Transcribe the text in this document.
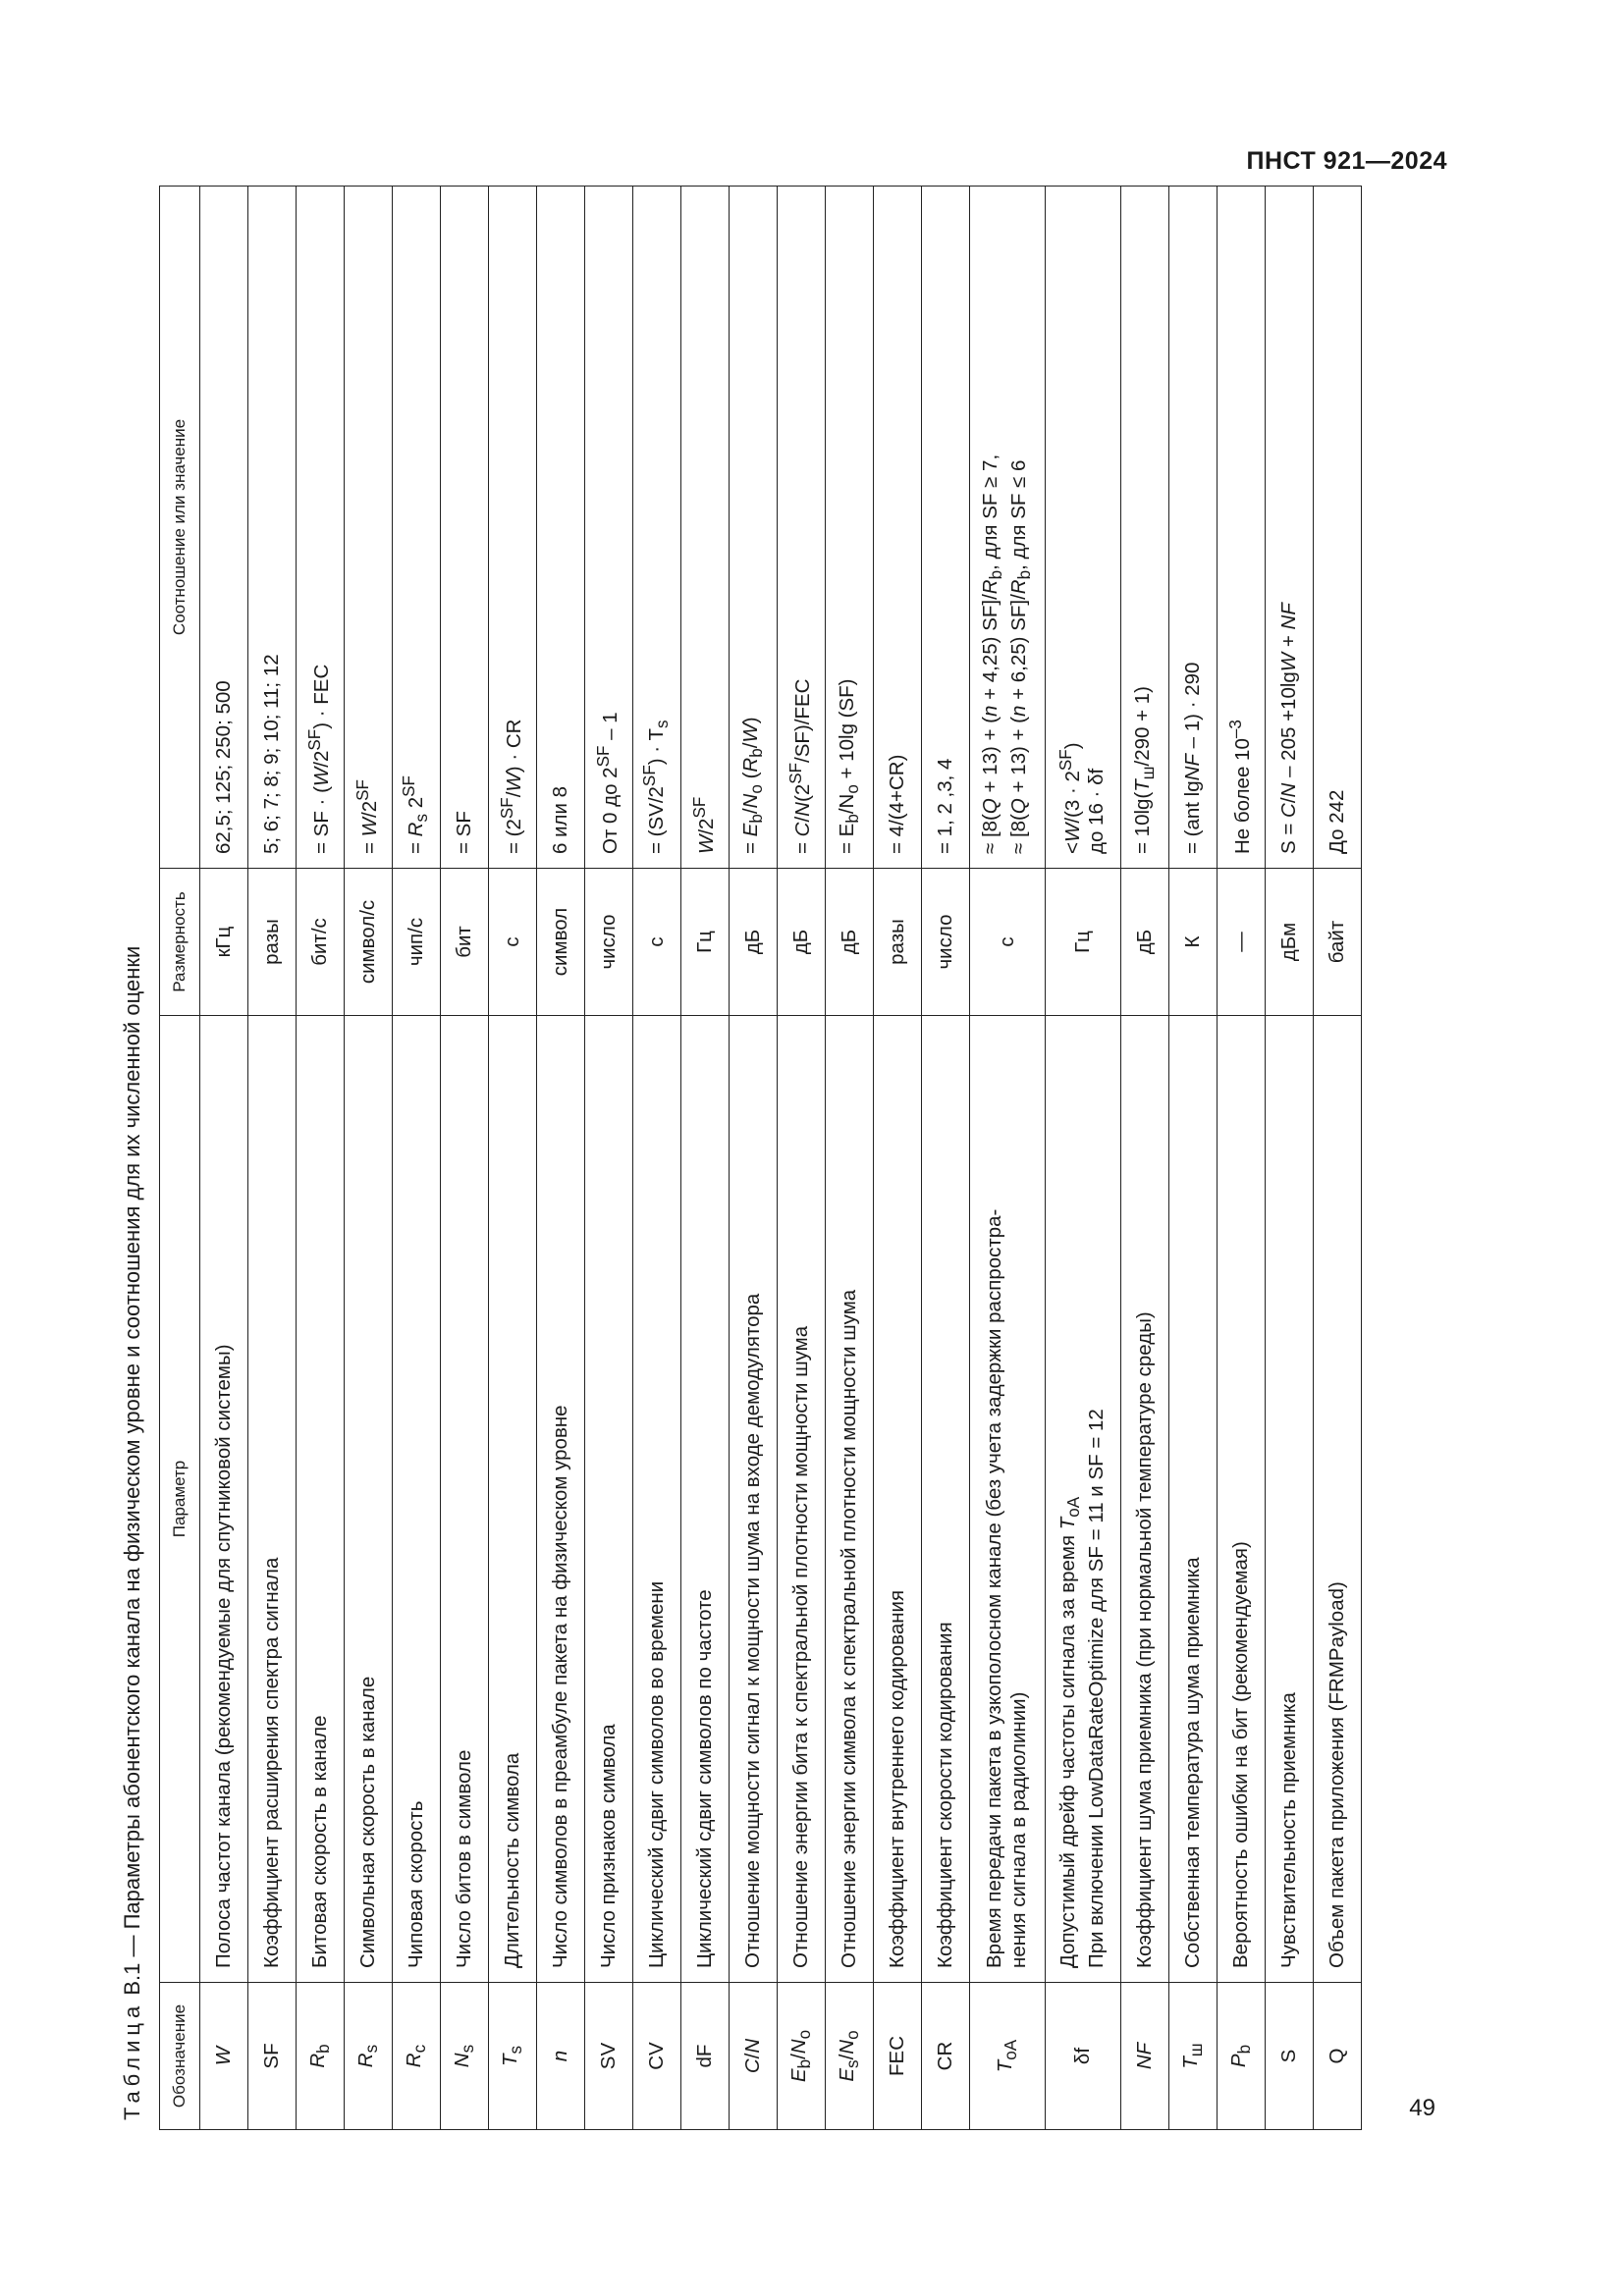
ПНСТ 921—2024
Таблица В.1 — Параметры абонентского канала на физическом уровне и соотношения для их численной оценки
Обозначение	Параметр	Размерность	Соотношение или значение
W	Полоса частот канала (рекомендуемые для спутниковой системы)	кГц	62,5; 125; 250; 500
SF	Коэффициент расширения спектра сигнала	разы	5; 6; 7; 8; 9; 10; 11; 12
$R_b$	Битовая скорость в канале	бит/с	= SF · $(W/2^{SF})$ · FEC
$R_s$	Символьная скорость в канале	символ/с	= $W/2^{SF}$
$R_c$	Чиповая скорость	чип/с	= $R_s$ $2^{SF}$
$N_s$	Число битов в символе	бит	= SF
$T_s$	Длительность символа	с	= $(2^{SF}/W)$ · CR
n	Число символов в преамбуле пакета на физическом уровне	символ	6 или 8
SV	Число признаков символа	число	От 0 до $2^{SF} - 1$
CV	Циклический сдвиг символов во времени	с	= $(SV/2^{SF}) \cdot T_s$
dF	Циклический сдвиг символов по частоте	Гц	$W/2^{SF}$
C/N	Отношение мощности сигнал к мощности шума на входе демодулятора	дБ	= $E_b/N_o$ $(R_b/W)$
$E_b/N_o$	Отношение энергии бита к спектральной плотности мощности шума	дБ	= $C/N(2^{SF}/SF)$/FEC
$E_s/N_o$	Отношение энергии символа к спектральной плотности мощности шума	дБ	= $E_b/N_o + 10\lg$ (SF)
FEC	Коэффициент внутреннего кодирования	разы	= 4/(4+CR)
CR	Коэффициент скорости кодирования	число	= 1, 2 ,3, 4
$T_{oA}$	Время передачи пакета в узкополосном канале (без учета задержки распростра- нения сигнала в радиолинии)	с	≈ [8(Q + 13) + (n + 4,25) $SF]/R_b$, для SF ≥ 7,
≈ [8(Q + 13) + (n + 6,25) $SF]/R_b$, для SF ≤ 6

δf	Допустимый дрейф частоты сигнала за время $T_{oA}$ При включении LowDataRateOptimize для SF = 11 и SF = 12	Гц	$<W/(3 \cdot 2^{SF})$
до 16 · δf

NF	Коэффициент шума приемника (при нормальной температуре среды)	дБ	= $10\lg(T_ш/290 + 1)$
$T_ш$	Собственная температура шума приемника	К	= (ant lgNF – 1) · 290
$P_b$	Вероятность ошибки на бит (рекомендуемая)	—	Не более $10^{-3}$
S	Чувствительность приемника	дБм	S = C/N – 205 +10lgW + NF
Q	Объем пакета приложения (FRMPayload)	байт	До 242
49
